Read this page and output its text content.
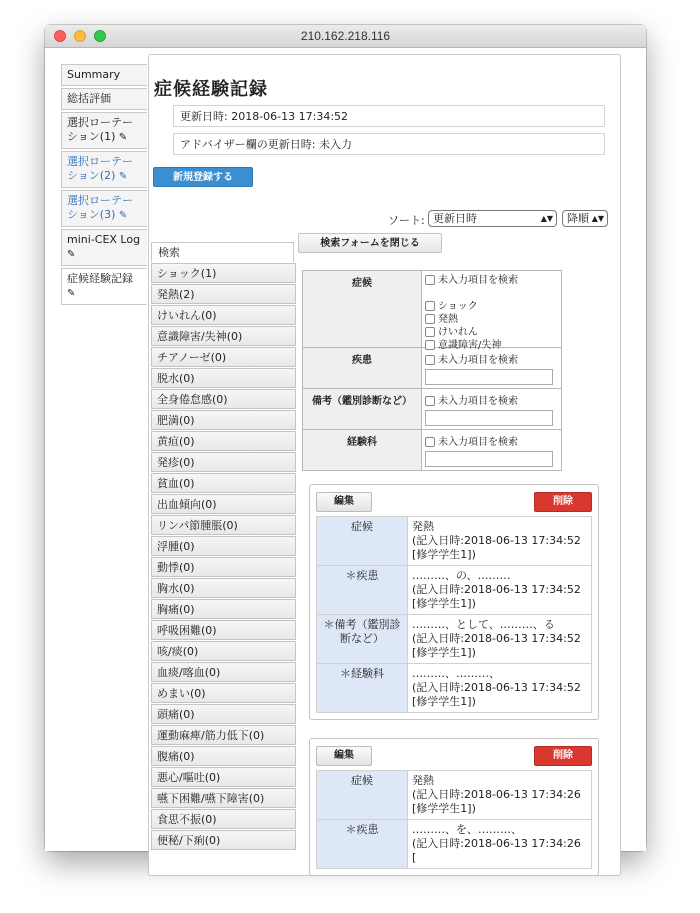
210.162.218.116
Summary
総括評価
選択ローテーション(1) ✎
選択ローテーション(2) ✎
選択ローテーション(3) ✎
mini-CEX Log
✎
症候経験記録
✎
症候経験記録
更新日時: 2018-06-13 17:34:52
アドバイザー欄の更新日時: 未入力
新規登録する
ソート: 更新日時	▲▼	降順 ▲▼
検索フォームを閉じる
検索
ショック(1)
発熱(2)
けいれん(0)
意識障害/失神(0)
チアノーゼ(0)
脱水(0)
全身倦怠感(0)
肥満(0)
黄疸(0)
発疹(0)
貧血(0)
出血傾向(0)
リンパ節腫脹(0)
浮腫(0)
動悸(0)
胸水(0)
胸痛(0)
呼吸困難(0)
咳/痰(0)
血痰/喀血(0)
めまい(0)
頭痛(0)
運動麻痺/筋力低下(0)
腹痛(0)
悪心/嘔吐(0)
嚥下困難/嚥下障害(0)
食思不振(0)
便秘/下痢(0)
症候	未入力項目を検索

ショック
発熱
けいれん
意識障害/失神

疾患	未入力項目を検索

備考（鑑別診断など）	未入力項目を検索

経験科	未入力項目を検索
編集	削除
症候	発熱
(記入日時:2018-06-13 17:34:52 [修学学生1])
＊疾患	………、の、………
(記入日時:2018-06-13 17:34:52 [修学学生1])
＊備考（鑑別診断など）	………、として、………、る
(記入日時:2018-06-13 17:34:52 [修学学生1])
＊経験科	………、………、
(記入日時:2018-06-13 17:34:52 [修学学生1])
編集	削除
症候	発熱
(記入日時:2018-06-13 17:34:26 [修学学生1])
＊疾患	………、を、………、
(記入日時:2018-06-13 17:34:26 [
